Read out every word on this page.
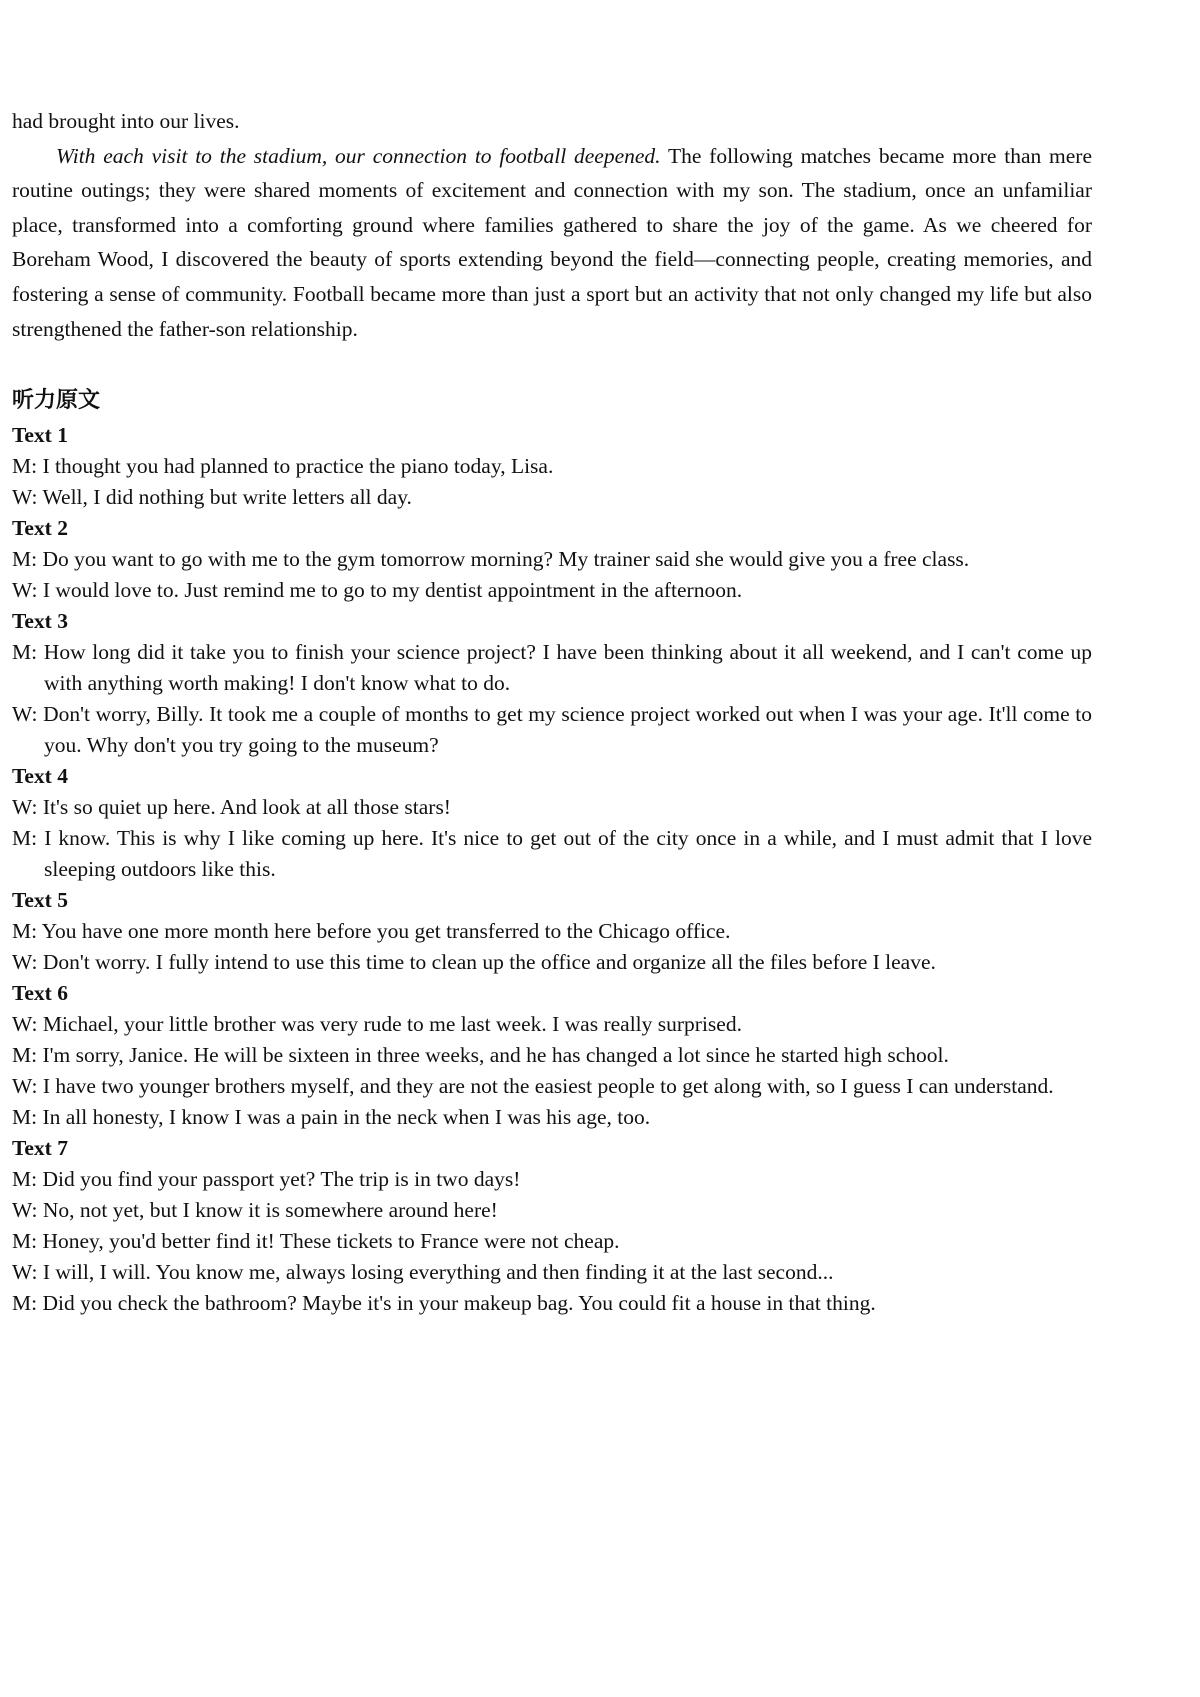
had brought into our lives.

With each visit to the stadium, our connection to football deepened. The following matches became more than mere routine outings; they were shared moments of excitement and connection with my son. The stadium, once an unfamiliar place, transformed into a comforting ground where families gathered to share the joy of the game. As we cheered for Boreham Wood, I discovered the beauty of sports extending beyond the field—connecting people, creating memories, and fostering a sense of community. Football became more than just a sport but an activity that not only changed my life but also strengthened the father-son relationship.

听力原文
Text 1

M: I thought you had planned to practice the piano today, Lisa.

W: Well, I did nothing but write letters all day.

Text 2

M: Do you want to go with me to the gym tomorrow morning? My trainer said she would give you a free class.

W: I would love to. Just remind me to go to my dentist appointment in the afternoon.

Text 3

M: How long did it take you to finish your science project? I have been thinking about it all weekend, and I can't come up with anything worth making! I don't know what to do.

W: Don't worry, Billy. It took me a couple of months to get my science project worked out when I was your age. It'll come to you. Why don't you try going to the museum?

Text 4

W: It's so quiet up here. And look at all those stars!

M: I know. This is why I like coming up here. It's nice to get out of the city once in a while, and I must admit that I love sleeping outdoors like this.

Text 5

M: You have one more month here before you get transferred to the Chicago office.

W: Don't worry. I fully intend to use this time to clean up the office and organize all the files before I leave.

Text 6

W: Michael, your little brother was very rude to me last week. I was really surprised.

M: I'm sorry, Janice. He will be sixteen in three weeks, and he has changed a lot since he started high school.

W: I have two younger brothers myself, and they are not the easiest people to get along with, so I guess I can understand.

M: In all honesty, I know I was a pain in the neck when I was his age, too.

Text 7

M: Did you find your passport yet? The trip is in two days!

W: No, not yet, but I know it is somewhere around here!

M: Honey, you'd better find it! These tickets to France were not cheap.

W: I will, I will. You know me, always losing everything and then finding it at the last second...

M: Did you check the bathroom? Maybe it's in your makeup bag. You could fit a house in that thing.
